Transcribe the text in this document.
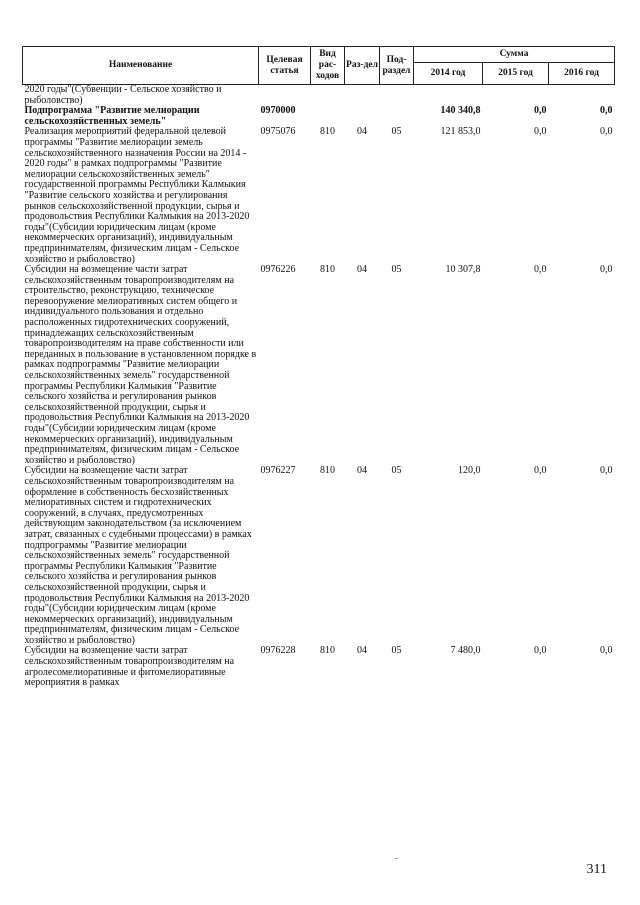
Наименование	Целевая статья	Вид рас-ходов	Раз-дел	Под-раздел	Сумма		
					2014 год	2015 год	2016 год
2020 годы"(Субвенции - Сельское хозяйство и рыболовство)							
Подпрограмма "Развитие мелиорации сельскохозяйственных земель"	0970000				140 340,8	0,0	0,0
Реализация мероприятий федеральной целевой программы "Развитие мелиорации земель сельскохозяйственного назначения России на 2014 - 2020 годы" в рамках подпрограммы "Развитие мелиорации сельскохозяйственных земель" государственной программы Республики Калмыкия "Развитие сельского хозяйства и регулирования рынков сельскохозяйственной продукции, сырья и продовольствия Республики Калмыкия на 2013-2020 годы"(Субсидии юридическим лицам (кроме некоммерческих организаций), индивидуальным предпринимателям, физическим лицам - Сельское хозяйство и рыболовство)	0975076	810	04	05	121 853,0	0,0	0,0
Субсидии на возмещение части затрат сельскохозяйственным товаропроизводителям на строительство, реконструкцию, техническое перевооружение мелиоративных систем общего и индивидуального пользования и отдельно расположенных гидротехнических сооружений, принадлежащих сельскохозяйственным товаропроизводителям на праве собственности или переданных в пользование в установленном порядке в рамках подпрограммы "Развитие мелиорации сельскохозяйственных земель" государственной программы Республики Калмыкия "Развитие сельского хозяйства и регулирования рынков сельскохозяйственной продукции, сырья и продовольствия Республики Калмыкия на 2013-2020 годы"(Субсидии юридическим лицам (кроме некоммерческих организаций), индивидуальным предпринимателям, физическим лицам - Сельское хозяйство и рыболовство)	0976226	810	04	05	10 307,8	0,0	0,0
Субсидии на возмещение части затрат сельскохозяйственным товаропроизводителям на оформление в собственность бесхозяйственных мелиоративных систем и гидротехнических сооружений, в случаях, предусмотренных действующим законодательством (за исключением затрат, связанных с судебными процессами) в рамках подпрограммы "Развитие мелиорации сельскохозяйственных земель" государственной программы Республики Калмыкия "Развитие сельского хозяйства и регулирования рынков сельскохозяйственной продукции, сырья и продовольствия Республики Калмыкия на 2013-2020 годы"(Субсидии юридическим лицам (кроме некоммерческих организаций), индивидуальным предпринимателям, физическим лицам - Сельское хозяйство и рыболовство)	0976227	810	04	05	120,0	0,0	0,0
Субсидии на возмещение части затрат сельскохозяйственным товаропроизводителям на агролесомелиоративные и фитомелиоративные мероприятия в рамках	0976228	810	04	05	7 480,0	0,0	0,0
311
